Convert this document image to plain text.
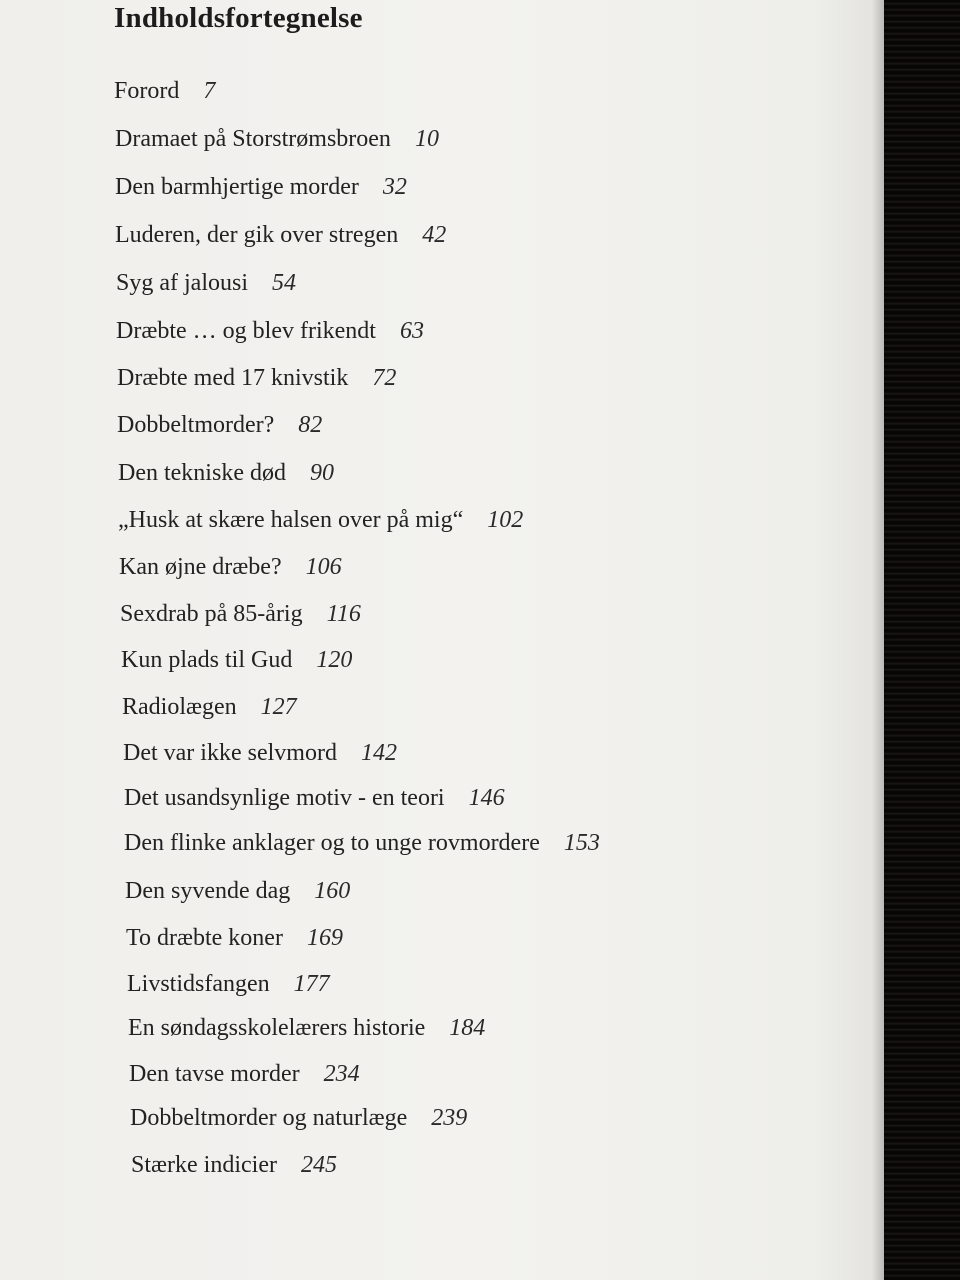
Indholdsfortegnelse
Forord 7
Dramaet på Storstrømsbroen 10
Den barmhjertige morder 32
Luderen, der gik over stregen 42
Syg af jalousi 54
Dræbte … og blev frikendt 63
Dræbte med 17 knivstik 72
Dobbeltmorder? 82
Den tekniske død 90
„Husk at skære halsen over på mig“ 102
Kan øjne dræbe? 106
Sexdrab på 85-årig 116
Kun plads til Gud 120
Radiolægen 127
Det var ikke selvmord 142
Det usandsynlige motiv - en teori 146
Den flinke anklager og to unge rovmordere 153
Den syvende dag 160
To dræbte koner 169
Livstidsfangen 177
En søndagsskolelærers historie 184
Den tavse morder 234
Dobbeltmorder og naturlæge 239
Stærke indicier 245
